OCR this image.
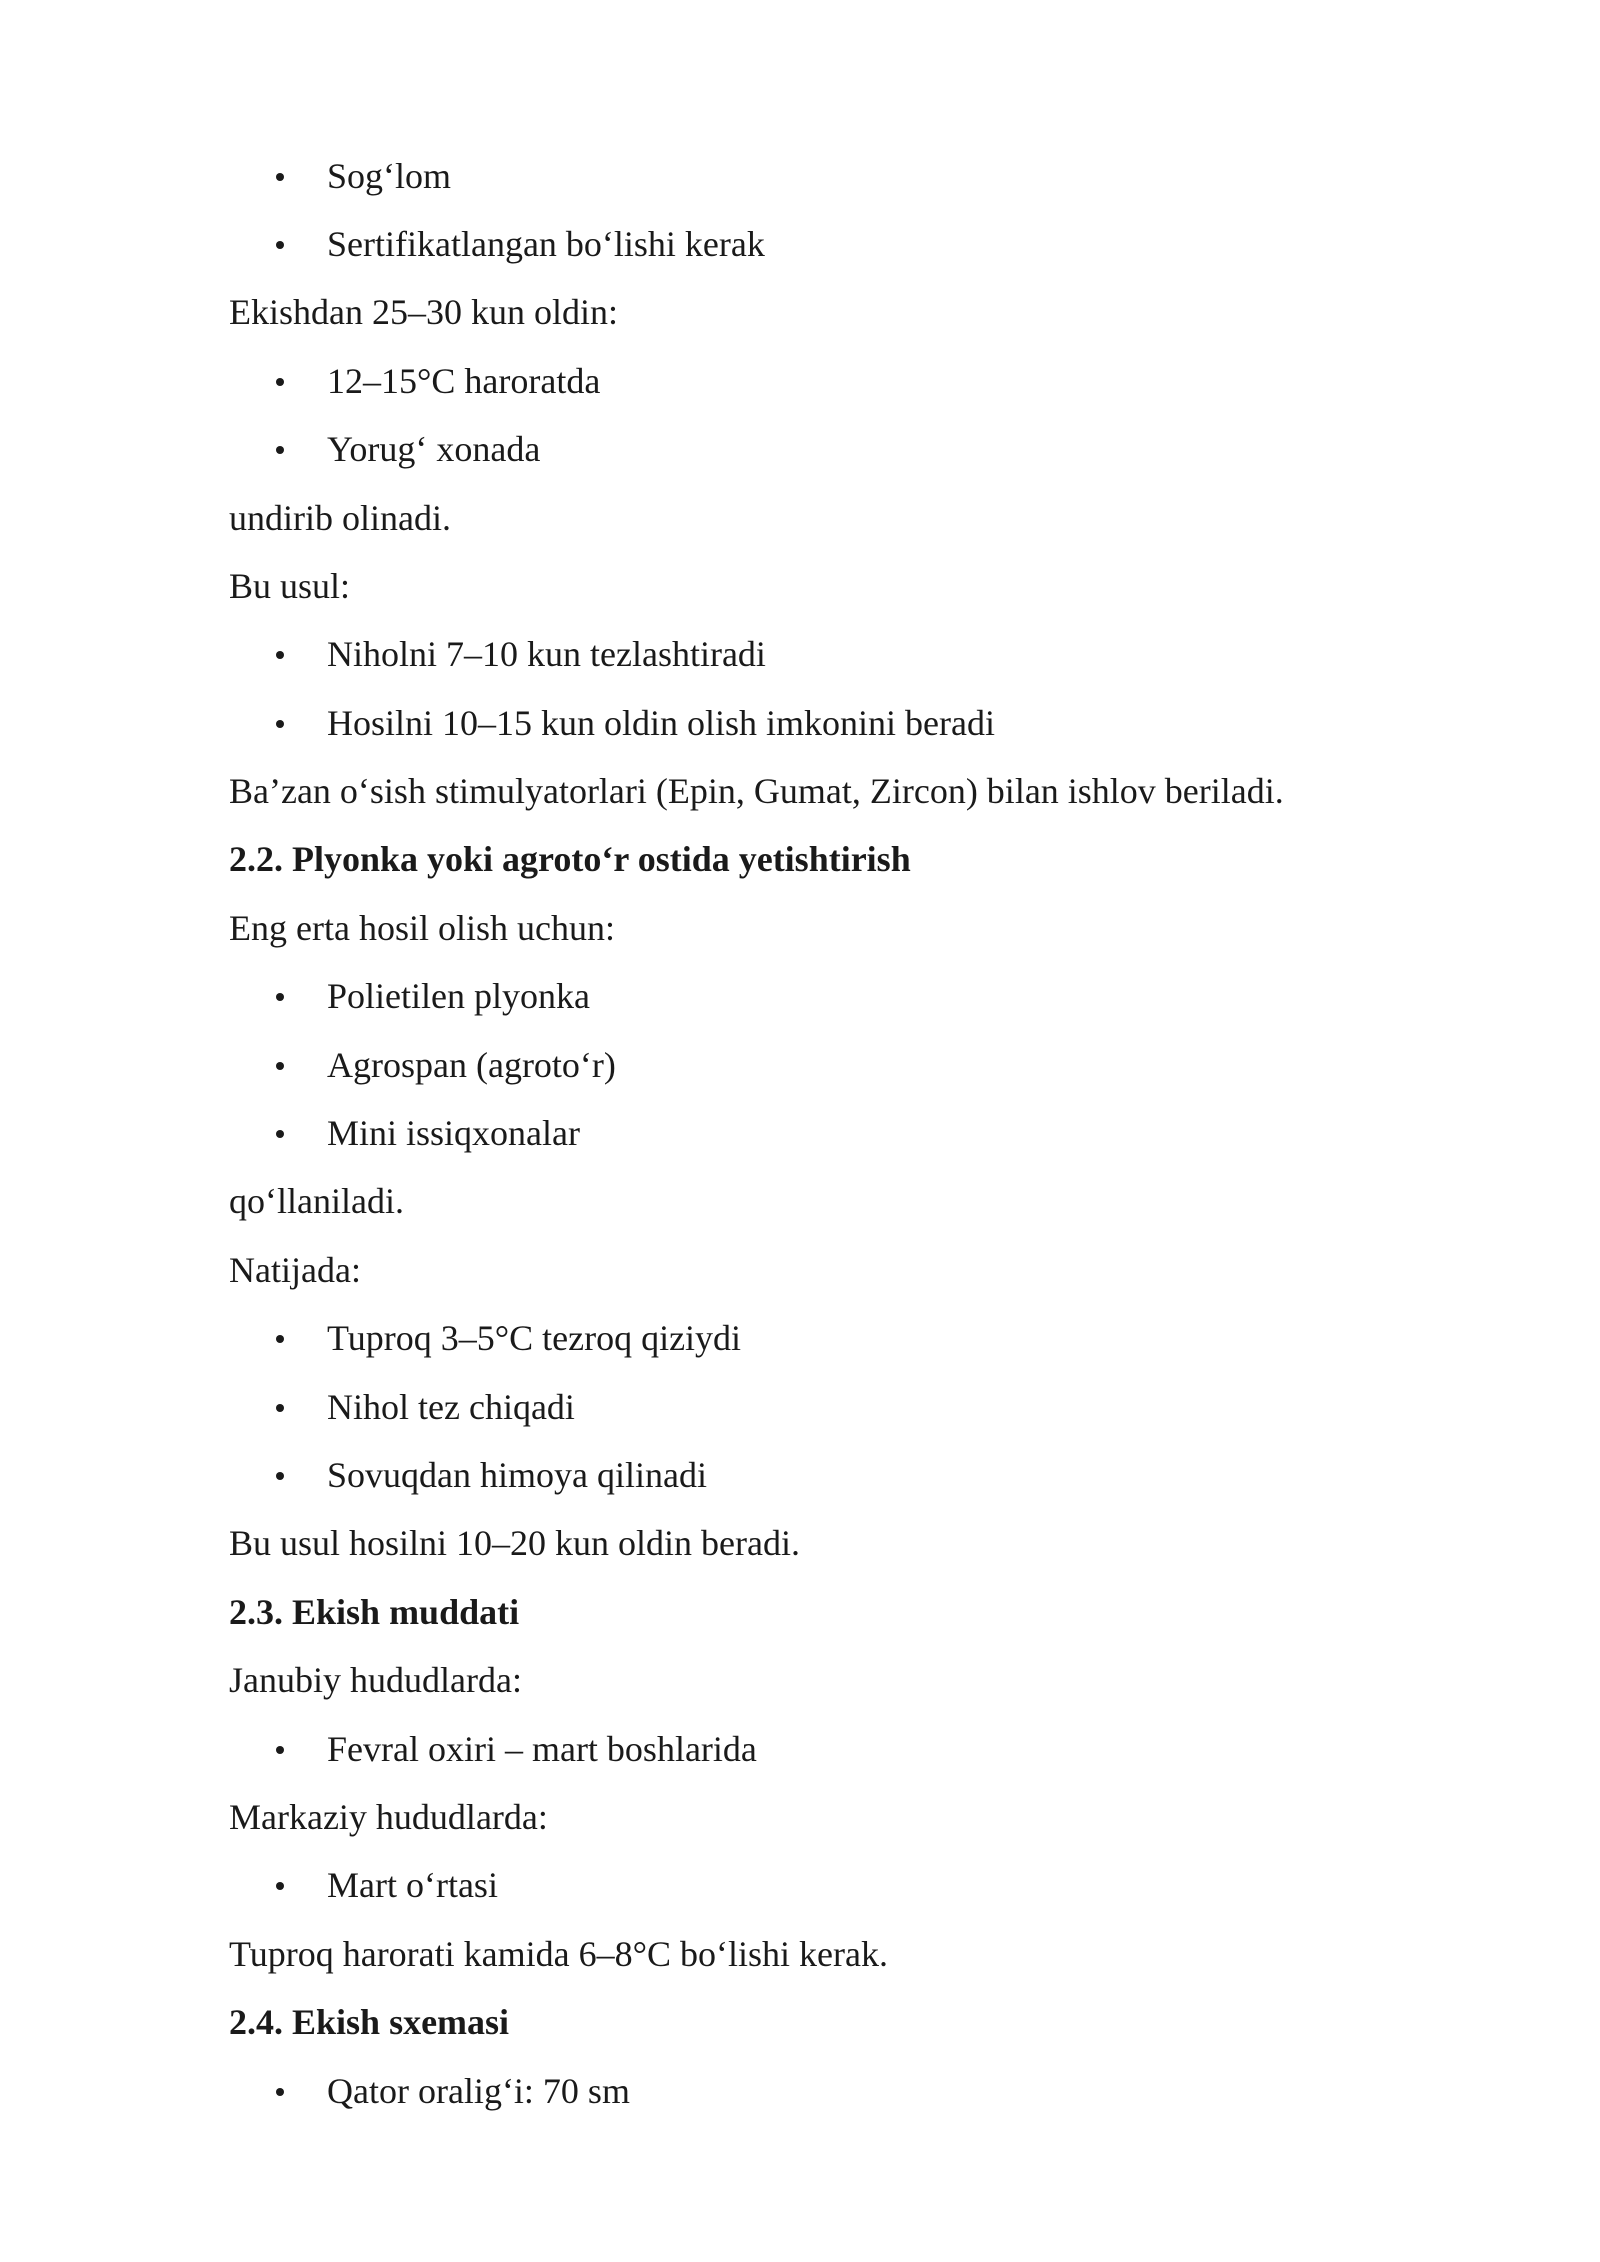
Sog‘lom
Sertifikatlangan bo‘lishi kerak
Ekishdan 25–30 kun oldin:
12–15°C haroratda
Yorug‘ xonada
undirib olinadi.
Bu usul:
Niholni 7–10 kun tezlashtiradi
Hosilni 10–15 kun oldin olish imkonini beradi
Ba’zan o‘sish stimulyatorlari (Epin, Gumat, Zircon) bilan ishlov beriladi.
2.2. Plyonka yoki agroto‘r ostida yetishtirish
Eng erta hosil olish uchun:
Polietilen plyonka
Agrospan (agroto‘r)
Mini issiqxonalar
qo‘llaniladi.
Natijada:
Tuproq 3–5°C tezroq qiziydi
Nihol tez chiqadi
Sovuqdan himoya qilinadi
Bu usul hosilni 10–20 kun oldin beradi.
2.3. Ekish muddati
Janubiy hududlarda:
Fevral oxiri – mart boshlarida
Markaziy hududlarda:
Mart o‘rtasi
Tuproq harorati kamida 6–8°C bo‘lishi kerak.
2.4. Ekish sxemasi
Qator oralig‘i: 70 sm
